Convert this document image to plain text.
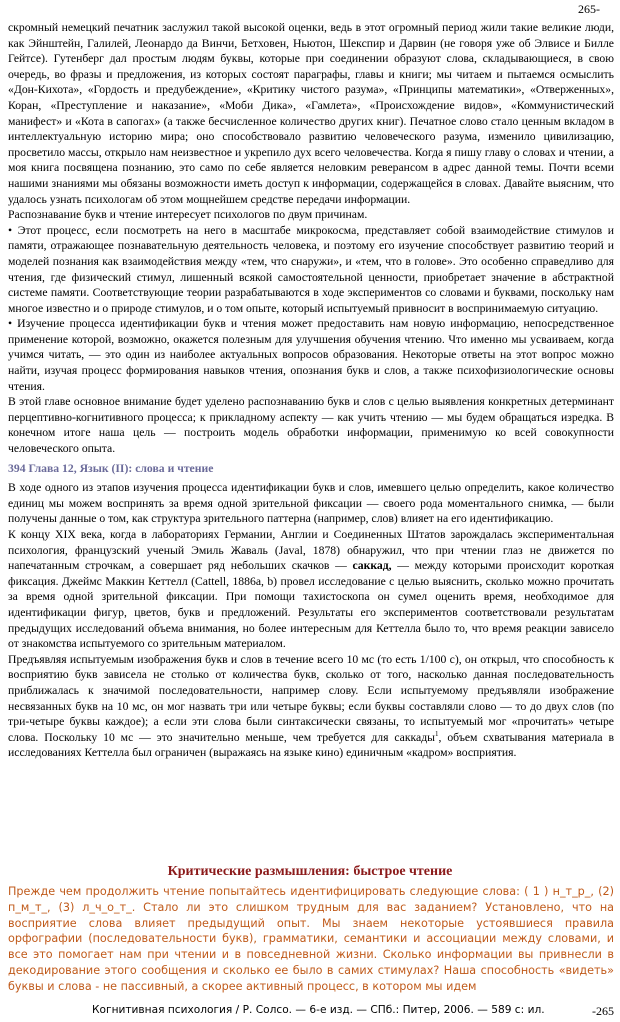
265-

скромный немецкий печатник заслужил такой высокой оценки, ведь в этот огромный период жили такие великие люди, как Эйнштейн, Галилей, Леонардо да Винчи, Бетховен, Ньютон, Шекспир и Дарвин (не говоря уже об Элвисе и Билле Гейтсе). Гутенберг дал простым людям буквы, которые при соединении образуют слова, складывающиеся, в свою очередь, во фразы и предложения, из которых состоят параграфы, главы и книги; мы читаем и пытаемся осмыслить «Дон-Кихота», «Гордость и предубеждение», «Критику чистого разума», «Принципы математики», «Отверженных», Коран, «Преступление и наказание», «Моби Дика», «Гамлета», «Происхождение видов», «Коммунистический манифест» и «Кота в сапогах» (а также бесчисленное количество других книг). Печатное слово стало ценным вкладом в интеллектуальную историю мира; оно способствовало развитию человеческого разума, изменило цивилизацию, просветило массы, открыло нам неизвестное и укрепило дух всего человечества. Когда я пишу главу о словах и чтении, а моя книга посвящена познанию, это само по себе является неловким реверансом в адрес данной темы. Почти всеми нашими знаниями мы обязаны возможности иметь доступ к информации, содержащейся в словах. Давайте выясним, что удалось узнать психологам об этом мощнейшем средстве передачи информации.

Распознавание букв и чтение интересует психологов по двум причинам.

• Этот процесс, если посмотреть на него в масштабе микрокосма, представляет собой взаимодействие стимулов и памяти, отражающее познавательную деятельность человека, и поэтому его изучение способствует развитию теорий и моделей познания как взаимодействия между «тем, что снаружи», и «тем, что в голове». Это особенно справедливо для чтения, где физический стимул, лишенный всякой самостоятельной ценности, приобретает значение в абстрактной системе памяти. Соответствующие теории разрабатываются в ходе экспериментов со словами и буквами, поскольку нам многое известно и о природе стимулов, и о том опыте, который испытуемый привносит в воспринимаемую ситуацию.

• Изучение процесса идентификации букв и чтения может предоставить нам новую информацию, непосредственное применение которой, возможно, окажется полезным для улучшения обучения чтению. Что именно мы усваиваем, когда учимся читать, — это один из наиболее актуальных вопросов образования. Некоторые ответы на этот вопрос можно найти, изучая процесс формирования навыков чтения, опознания букв и слов, а также психофизиологические основы чтения.

В этой главе основное внимание будет уделено распознаванию букв и слов с целью выявления конкретных детерминант перцептивно-когнитивного процесса; к прикладному аспекту — как учить чтению — мы будем обращаться изредка. В конечном итоге наша цель — построить модель обработки информации, применимую ко всей совокупности человеческого опыта.

394 Глава 12, Язык (II): слова и чтение

В ходе одного из этапов изучения процесса идентификации букв и слов, имевшего целью определить, какое количество единиц мы можем воспринять за время одной зрительной фиксации — своего рода моментального снимка, — были получены данные о том, как структура зрительного паттерна (например, слов) влияет на его идентификацию.

К концу XIX века, когда в лабораториях Германии, Англии и Соединенных Штатов зарождалась экспериментальная психология, французский ученый Эмиль Жаваль (Javal, 1878) обнаружил, что при чтении глаз не движется по напечатанным строчкам, а совершает ряд небольших скачков — саккад, — между которыми происходит короткая фиксация. Джеймс Маккин Кеттелл (Cattell, 1886a, b) провел исследование с целью выяснить, сколько можно прочитать за время одной зрительной фиксации. При помощи тахистоскопа он сумел оценить время, необходимое для идентификации фигур, цветов, букв и предложений. Результаты его экспериментов соответствовали результатам предыдущих исследований объема внимания, но более интересным для Кеттелла было то, что время реакции зависело от знакомства испытуемого со зрительным материалом.

Предъявляя испытуемым изображения букв и слов в течение всего 10 мс (то есть 1/100 с), он открыл, что способность к восприятию букв зависела не столько от количества букв, сколько от того, насколько данная последовательность приближалась к значимой последовательности, например слову. Если испытуемому предъявляли изображение несвязанных букв на 10 мс, он мог назвать три или четыре буквы; если буквы составляли слово — то до двух слов (по три-четыре буквы каждое); а если эти слова были синтаксически связаны, то испытуемый мог «прочитать» четыре слова. Поскольку 10 мс — это значительно меньше, чем требуется для саккады$^1$, объем схватывания материала в исследованиях Кеттелла был ограничен (выражаясь на языке кино) единичным «кадром» восприятия.

Критические размышления: быстрое чтение
Прежде чем продолжить чтение попытайтесь идентифицировать следующие слова: ( 1 ) н_т_р_, (2) п_м_т_, (3) л_ч_о_т_. Стало ли это слишком трудным для вас заданием? Установлено, что на восприятие слова влияет предыдущий опыт. Мы знаем некоторые устоявшиеся правила орфографии (последовательности букв), грамматики, семантики и ассоциации между словами, и все это помогает нам при чтении и в повседневной жизни. Сколько информации вы привнесли в декодирование этого сообщения и сколько ее было в самих стимулах? Наша способность «видеть» буквы и слова - не пассивный, а скорее активный процесс, в котором мы идем
Когнитивная психология / Р. Солсо. — 6-е изд. — СПб.: Питер, 2006. — 589 с: ил.	-265
